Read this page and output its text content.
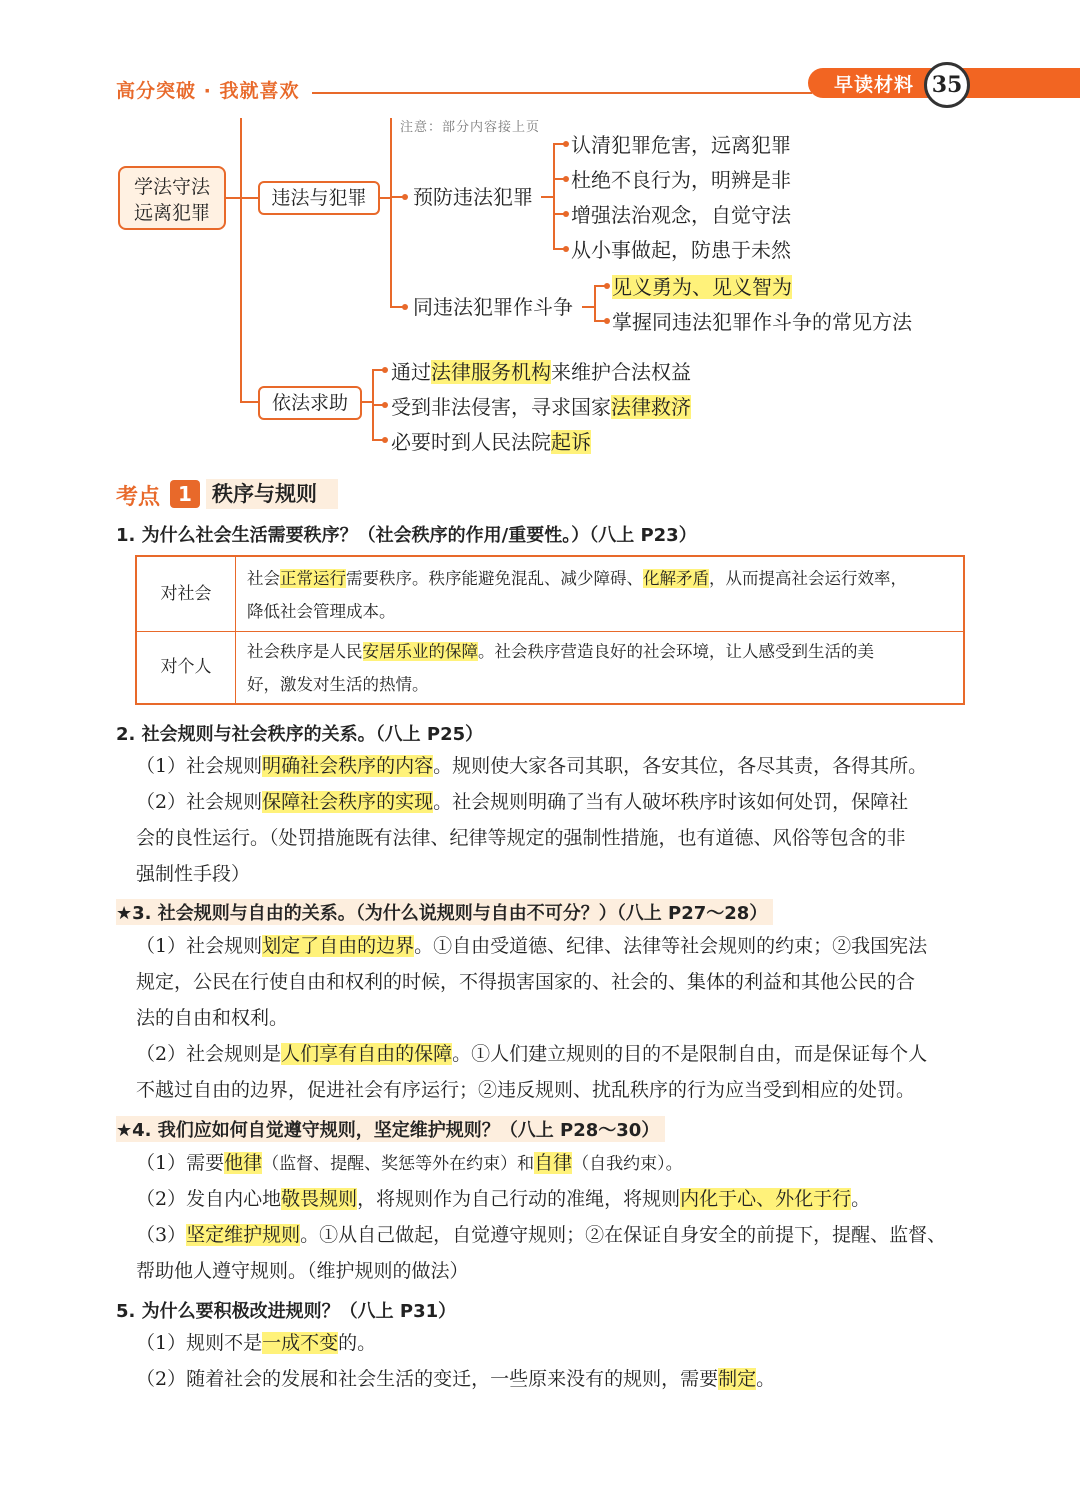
高分突破 · 我就喜欢	早读材料 35
注意：部分内容接上页
学法守法
远离犯罪
违法与犯罪
依法求助
预防违法犯罪
同违法犯罪作斗争
认清犯罪危害，远离犯罪
杜绝不良行为，明辨是非
增强法治观念，自觉守法
从小事做起，防患于未然
见义勇为、见义智为
掌握同违法犯罪作斗争的常见方法
通过法律服务机构来维护合法权益
受到非法侵害，寻求国家法律救济
必要时到人民法院起诉
考点 1 秩序与规则
1. 为什么社会生活需要秩序？（社会秩序的作用/重要性。）（八上 P23）
对社会
社会正常运行需要秩序。秩序能避免混乱、减少障碍、化解矛盾，从而提高社会运行效率，
降低社会管理成本。
对个人
社会秩序是人民安居乐业的保障。社会秩序营造良好的社会环境，让人感受到生活的美
好，激发对生活的热情。
2. 社会规则与社会秩序的关系。（八上 P25）
（1）社会规则明确社会秩序的内容。规则使大家各司其职，各安其位，各尽其责，各得其所。
（2）社会规则保障社会秩序的实现。社会规则明确了当有人破坏秩序时该如何处罚，保障社
会的良性运行。（处罚措施既有法律、纪律等规定的强制性措施，也有道德、风俗等包含的非
强制性手段）
★3. 社会规则与自由的关系。（为什么说规则与自由不可分？）（八上 P27～28）
（1）社会规则划定了自由的边界。①自由受道德、纪律、法律等社会规则的约束；②我国宪法
规定，公民在行使自由和权利的时候，不得损害国家的、社会的、集体的利益和其他公民的合
法的自由和权利。
（2）社会规则是人们享有自由的保障。①人们建立规则的目的不是限制自由，而是保证每个人
不越过自由的边界，促进社会有序运行；②违反规则、扰乱秩序的行为应当受到相应的处罚。
★4. 我们应如何自觉遵守规则，坚定维护规则？（八上 P28～30）
（1）需要他律（监督、提醒、奖惩等外在约束）和自律（自我约束）。
（2）发自内心地敬畏规则，将规则作为自己行动的准绳，将规则内化于心、外化于行。
（3）坚定维护规则。①从自己做起，自觉遵守规则；②在保证自身安全的前提下，提醒、监督、
帮助他人遵守规则。（维护规则的做法）
5. 为什么要积极改进规则？（八上 P31）
（1）规则不是一成不变的。
（2）随着社会的发展和社会生活的变迁，一些原来没有的规则，需要制定。
